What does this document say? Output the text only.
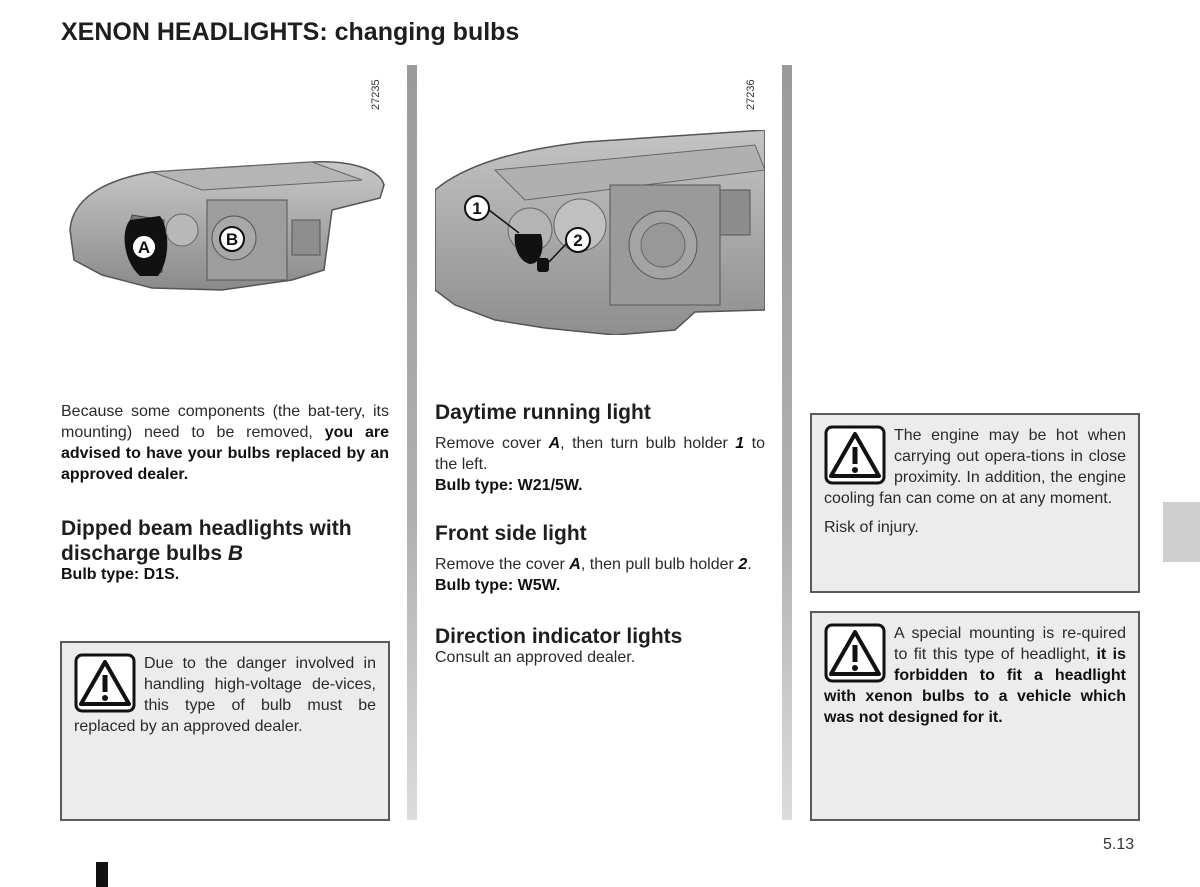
XENON HEADLIGHTS: changing bulbs
27235
A	B
27236
1
2

Because some components (the bat-tery, its mounting) need to be removed, you are advised to have your bulbs replaced by an approved dealer.

Dipped beam headlights with discharge bulbs B

Bulb type: D1S.

Due to the danger involved in handling high-voltage de-vices, this type of bulb must be replaced by an approved dealer.

Daytime running light

Remove cover A, then turn bulb holder 1 to the left.

Bulb type: W21/5W.

Front side light

Remove the cover A, then pull bulb holder 2.

Bulb type: W5W.

Direction indicator lights

Consult an approved dealer.

The engine may be hot when carrying out opera-tions in close proximity. In addition, the engine cooling fan can come on at any moment.

Risk of injury.

A special mounting is re-quired to fit this type of headlight, it is forbidden to fit a headlight with xenon bulbs to a vehicle which was not designed for it.

5.13
